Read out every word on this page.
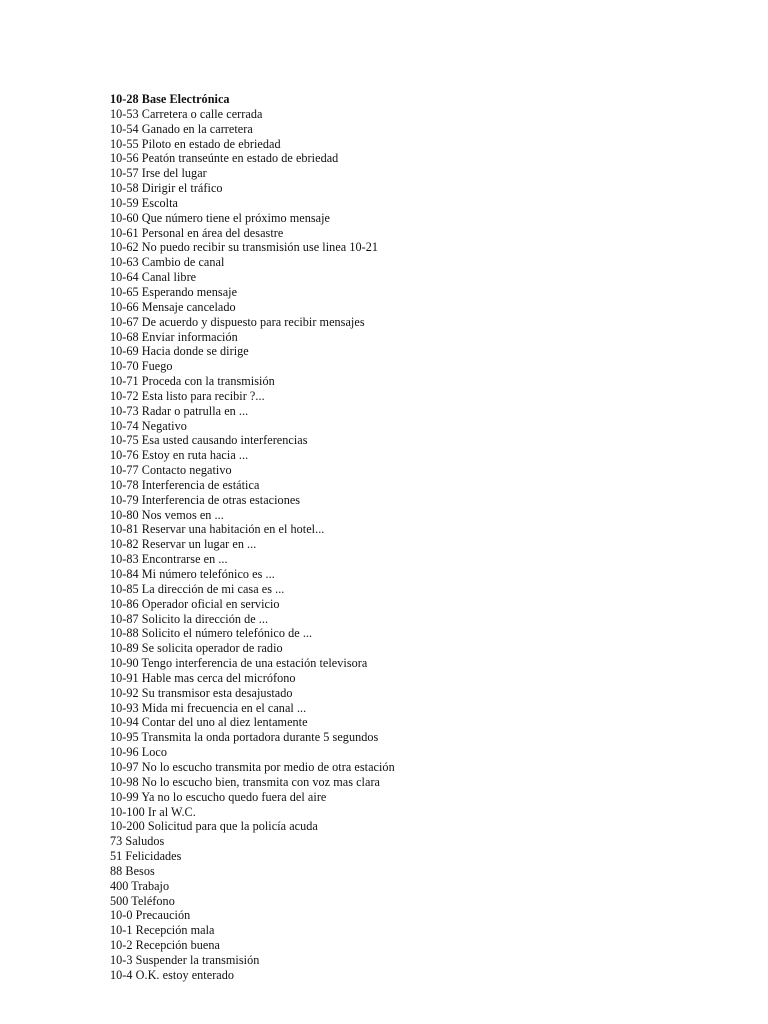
10-28 Base Electrónica
10-53 Carretera o calle cerrada
10-54 Ganado en la carretera
10-55 Piloto en estado de ebriedad
10-56 Peatón transeúnte en estado de ebriedad
10-57 Irse del lugar
10-58 Dirigir el tráfico
10-59 Escolta
10-60 Que número tiene el próximo mensaje
10-61 Personal en área del desastre
10-62 No puedo recibir su transmisión use linea 10-21
10-63 Cambio de canal
10-64 Canal libre
10-65 Esperando mensaje
10-66 Mensaje cancelado
10-67 De acuerdo y dispuesto para recibir mensajes
10-68 Enviar información
10-69 Hacia donde se dirige
10-70 Fuego
10-71 Proceda con la transmisión
10-72 Esta listo para recibir ?...
10-73 Radar o patrulla en ...
10-74 Negativo
10-75 Esa usted causando interferencias
10-76 Estoy en ruta hacia ...
10-77 Contacto negativo
10-78 Interferencia de estática
10-79 Interferencia de otras estaciones
10-80 Nos vemos en ...
10-81 Reservar una habitación en el hotel...
10-82 Reservar un lugar en ...
10-83 Encontrarse en ...
10-84 Mi número telefónico es ...
10-85 La dirección de mi casa es ...
10-86 Operador oficial en servicio
10-87 Solicito la dirección de ...
10-88 Solicito el número telefónico de ...
10-89 Se solicita operador de radio
10-90 Tengo interferencia de una estación televisora
10-91 Hable mas cerca del micrófono
10-92 Su transmisor esta desajustado
10-93 Mida mi frecuencia en el canal ...
10-94 Contar del uno al diez lentamente
10-95 Transmita la onda portadora durante 5 segundos
10-96 Loco
10-97 No lo escucho transmita por medio de otra estación
10-98 No lo escucho bien, transmita con voz mas clara
10-99 Ya no lo escucho quedo fuera del aire
10-100 Ir al W.C.
10-200 Solicitud para que la policía acuda
73 Saludos
51 Felicidades
88 Besos
400 Trabajo
500 Teléfono
10-0 Precaución
10-1 Recepción mala
10-2 Recepción buena
10-3 Suspender la transmisión
10-4 O.K. estoy enterado
